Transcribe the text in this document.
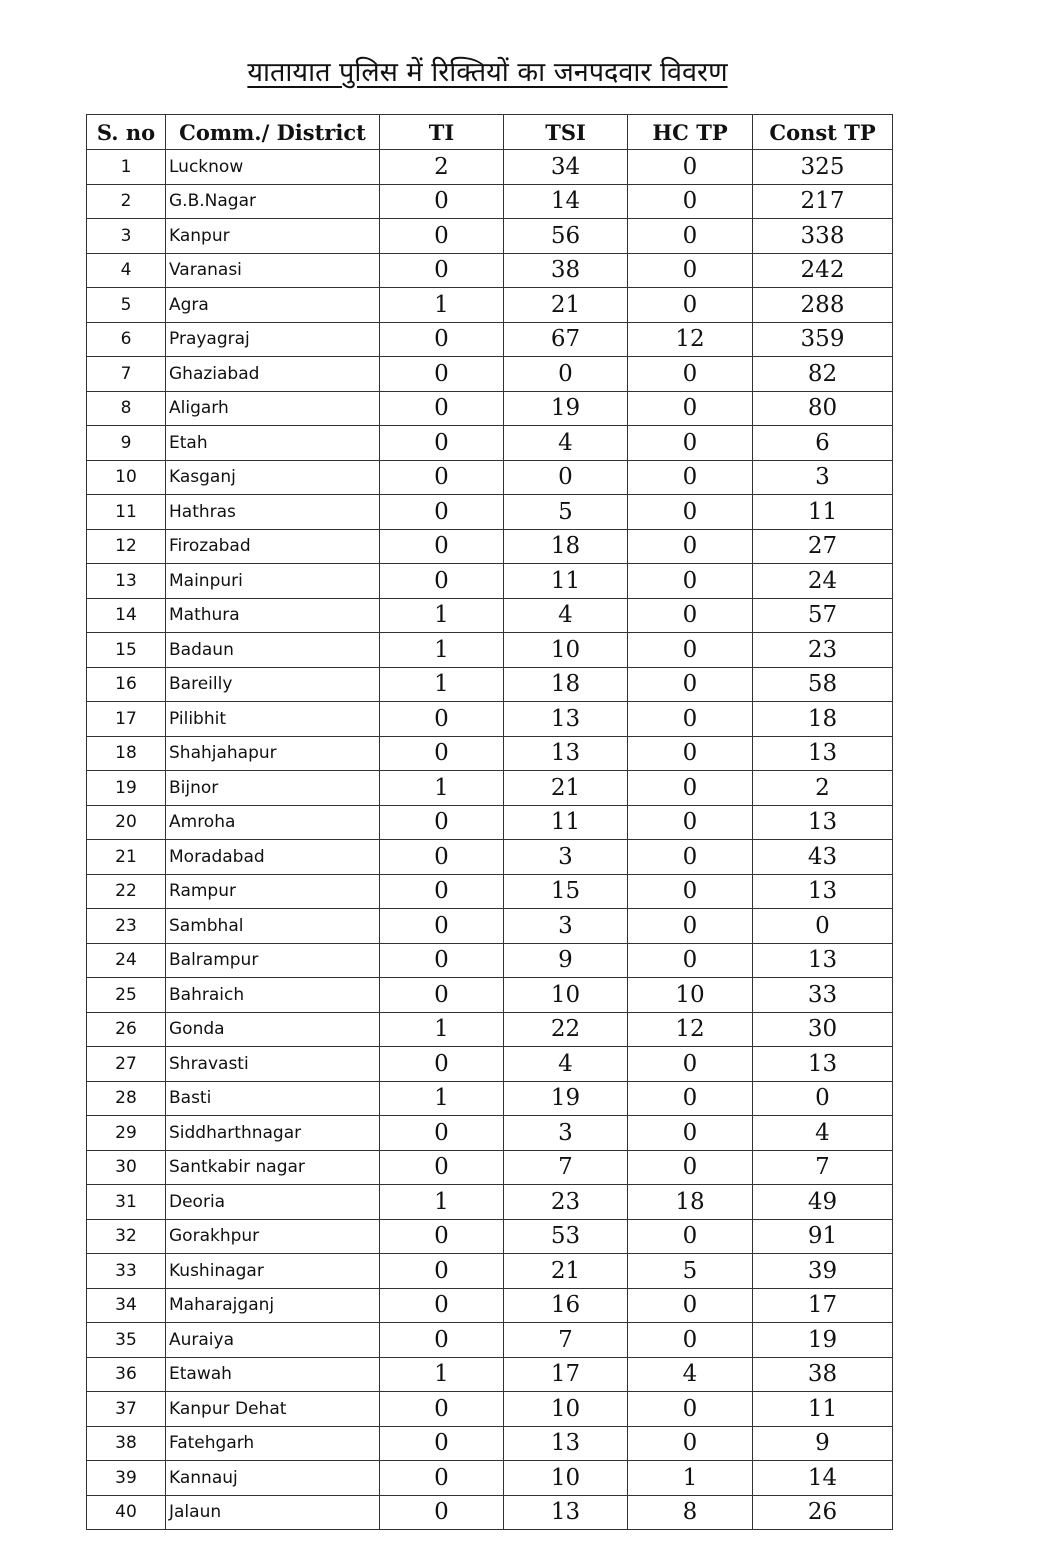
यातायात पुलिस में रिक्तियों का जनपदवार विवरण
S. no	Comm./ District	TI	TSI	HC TP	Const TP
1	Lucknow	2	34	0	325
2	G.B.Nagar	0	14	0	217
3	Kanpur	0	56	0	338
4	Varanasi	0	38	0	242
5	Agra	1	21	0	288
6	Prayagraj	0	67	12	359
7	Ghaziabad	0	0	0	82
8	Aligarh	0	19	0	80
9	Etah	0	4	0	6
10	Kasganj	0	0	0	3
11	Hathras	0	5	0	11
12	Firozabad	0	18	0	27
13	Mainpuri	0	11	0	24
14	Mathura	1	4	0	57
15	Badaun	1	10	0	23
16	Bareilly	1	18	0	58
17	Pilibhit	0	13	0	18
18	Shahjahapur	0	13	0	13
19	Bijnor	1	21	0	2
20	Amroha	0	11	0	13
21	Moradabad	0	3	0	43
22	Rampur	0	15	0	13
23	Sambhal	0	3	0	0
24	Balrampur	0	9	0	13
25	Bahraich	0	10	10	33
26	Gonda	1	22	12	30
27	Shravasti	0	4	0	13
28	Basti	1	19	0	0
29	Siddharthnagar	0	3	0	4
30	Santkabir nagar	0	7	0	7
31	Deoria	1	23	18	49
32	Gorakhpur	0	53	0	91
33	Kushinagar	0	21	5	39
34	Maharajganj	0	16	0	17
35	Auraiya	0	7	0	19
36	Etawah	1	17	4	38
37	Kanpur Dehat	0	10	0	11
38	Fatehgarh	0	13	0	9
39	Kannauj	0	10	1	14
40	Jalaun	0	13	8	26
